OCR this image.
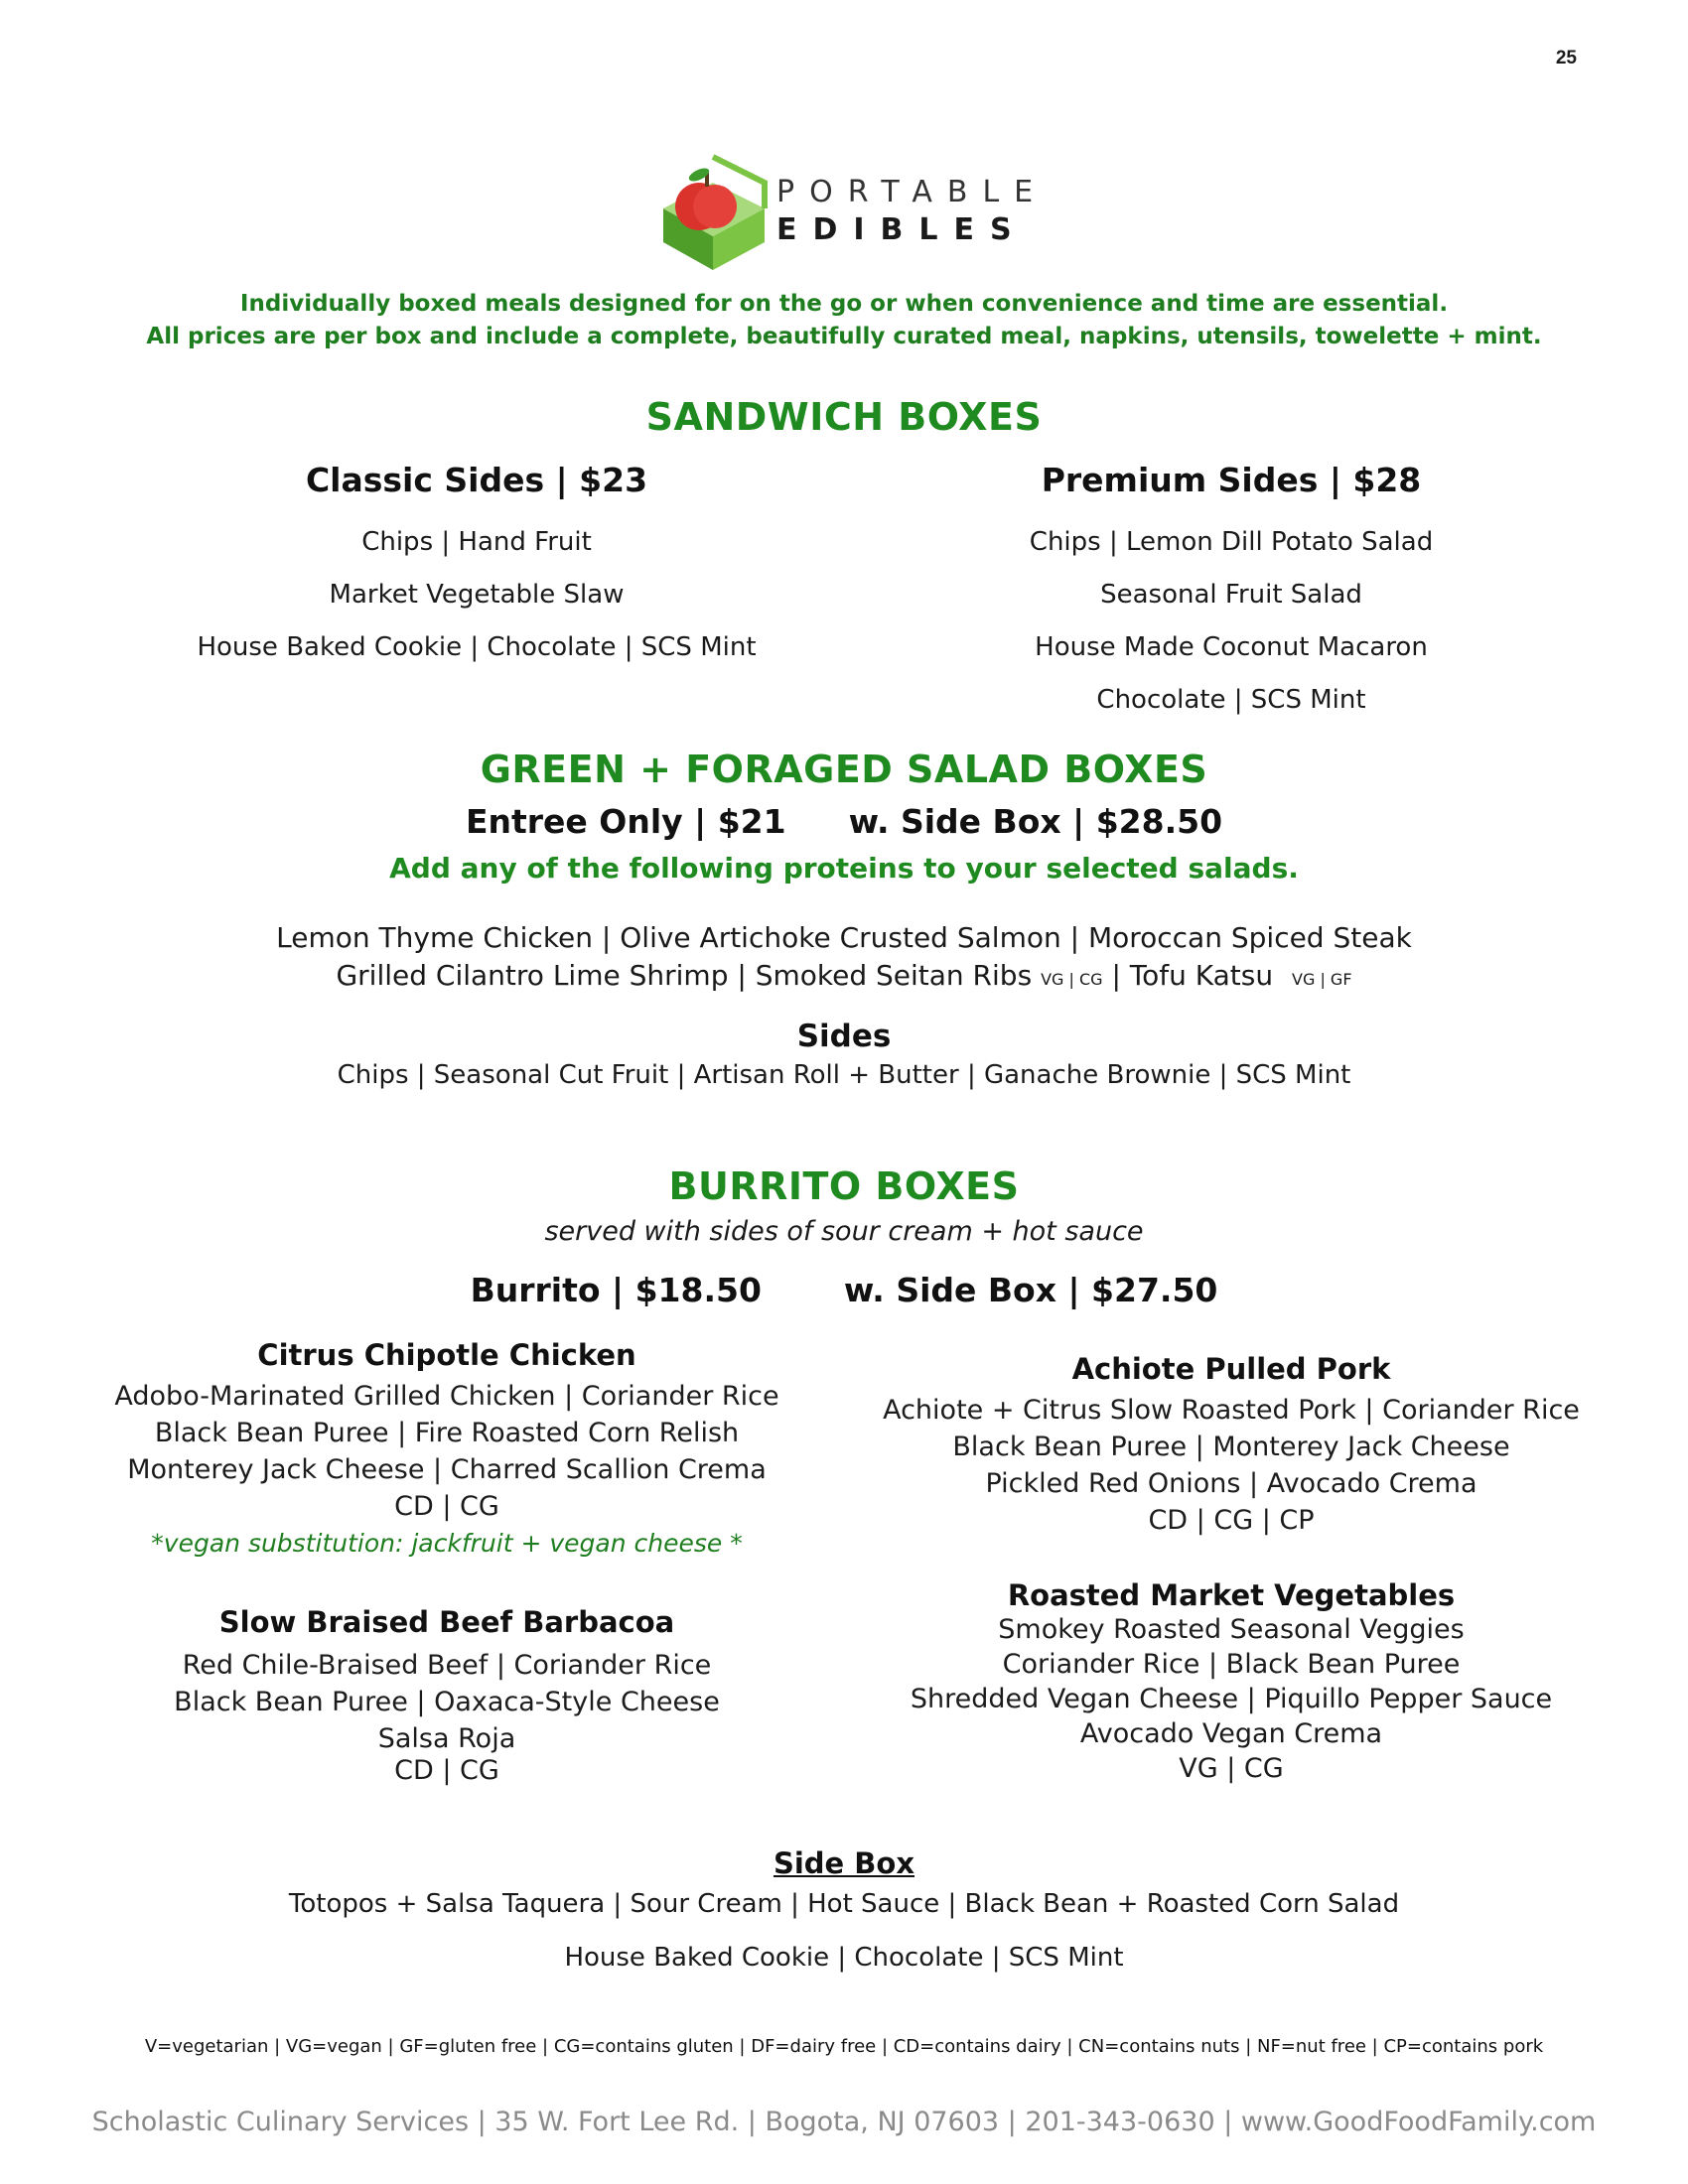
25
PORTABLE
EDIBLES
Individually boxed meals designed for on the go or when convenience and time are essential.
All prices are per box and include a complete, beautifully curated meal, napkins, utensils, towelette + mint.
SANDWICH BOXES
Classic Sides | $23
Chips | Hand Fruit
Market Vegetable Slaw
House Baked Cookie | Chocolate | SCS Mint
Premium Sides | $28
Chips | Lemon Dill Potato Salad
Seasonal Fruit Salad
House Made Coconut Macaron
Chocolate | SCS Mint
GREEN + FORAGED SALAD BOXES
Entree Only | $21 w. Side Box | $28.50
Add any of the following proteins to your selected salads.
Lemon Thyme Chicken | Olive Artichoke Crusted Salmon | Moroccan Spiced Steak
Grilled Cilantro Lime Shrimp | Smoked Seitan Ribs VG | CG | Tofu Katsu VG | GF
Sides
Chips | Seasonal Cut Fruit | Artisan Roll + Butter | Ganache Brownie | SCS Mint
BURRITO BOXES
served with sides of sour cream + hot sauce
Burrito | $18.50	w. Side Box | $27.50
Citrus Chipotle Chicken
Adobo-Marinated Grilled Chicken | Coriander Rice
Black Bean Puree | Fire Roasted Corn Relish
Monterey Jack Cheese | Charred Scallion Crema
CD | CG
*vegan substitution: jackfruit + vegan cheese *
Slow Braised Beef Barbacoa
Red Chile-Braised Beef | Coriander Rice
Black Bean Puree | Oaxaca-Style Cheese
Salsa Roja
CD | CG
Achiote Pulled Pork
Achiote + Citrus Slow Roasted Pork | Coriander Rice
Black Bean Puree | Monterey Jack Cheese
Pickled Red Onions | Avocado Crema
CD | CG | CP
Roasted Market Vegetables
Smokey Roasted Seasonal Veggies
Coriander Rice | Black Bean Puree
Shredded Vegan Cheese | Piquillo Pepper Sauce
Avocado Vegan Crema
VG | CG
Side Box
Totopos + Salsa Taquera | Sour Cream | Hot Sauce | Black Bean + Roasted Corn Salad
House Baked Cookie | Chocolate | SCS Mint
V=vegetarian | VG=vegan | GF=gluten free | CG=contains gluten | DF=dairy free | CD=contains dairy | CN=contains nuts | NF=nut free | CP=contains pork
Scholastic Culinary Services | 35 W. Fort Lee Rd. | Bogota, NJ 07603 | 201-343-0630 | www.GoodFoodFamily.com
